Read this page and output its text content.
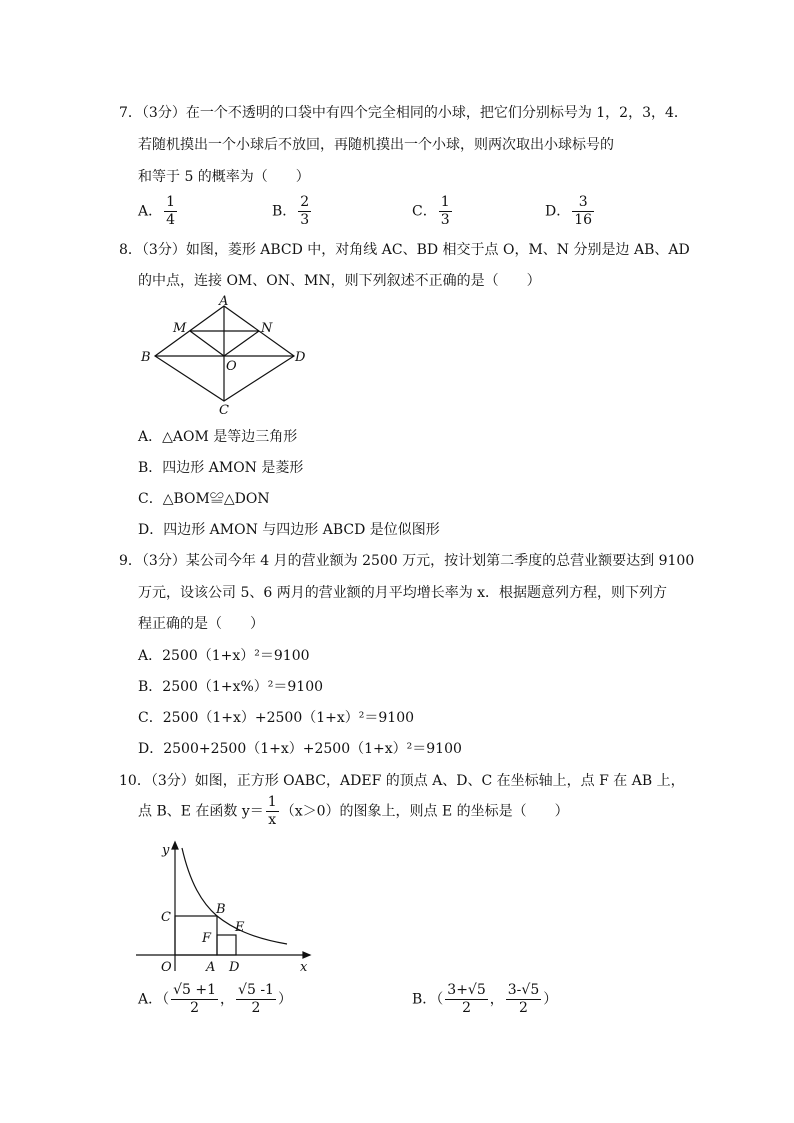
7．（3分）在一个不透明的口袋中有四个完全相同的小球，把它们分别标号为 1，2，3，4．
若随机摸出一个小球后不放回，再随机摸出一个小球，则两次取出小球标号的
和等于 5 的概率为（　　）
A． $\frac{1}{4}$	B． $\frac{2}{3}$	C． $\frac{1}{3}$	D． $\frac{3}{16}$
8．（3分）如图，菱形 ABCD 中，对角线 AC、BD 相交于点 O，M、N 分别是边 AB、AD
的中点，连接 OM、ON、MN，则下列叙述不正确的是（　　）
A
B
C
D
M	N
O
A．△AOM 是等边三角形
B．四边形 AMON 是菱形
C．△BOM≌△DON
D．四边形 AMON 与四边形 ABCD 是位似图形
9．（3分）某公司今年 4 月的营业额为 2500 万元，按计划第二季度的总营业额要达到 9100
万元，设该公司 5、6 两月的营业额的月平均增长率为 x．根据题意列方程，则下列方
程正确的是（　　）
A．2500（1+x）²＝9100
B．2500（1+x%）²＝9100
C．2500（1+x）+2500（1+x）²＝9100
D．2500+2500（1+x）+2500（1+x）²＝9100
10．（3分）如图，正方形 OABC，ADEF 的顶点 A、D、C 在坐标轴上，点 F 在 AB 上，
点 B、E 在函数 $y= \frac{1}{x} (x>0)$的图象上，则点 E 的坐标是（　　）
y
x
O	A
C
B
E
F
D
A．（ $\frac{√5 +1}{2}$ ， $\frac{√5 -1}{2}$ ）	B．（ $\frac{3+√5}{2}$ ， $\frac{3-√5}{2}$ ）
